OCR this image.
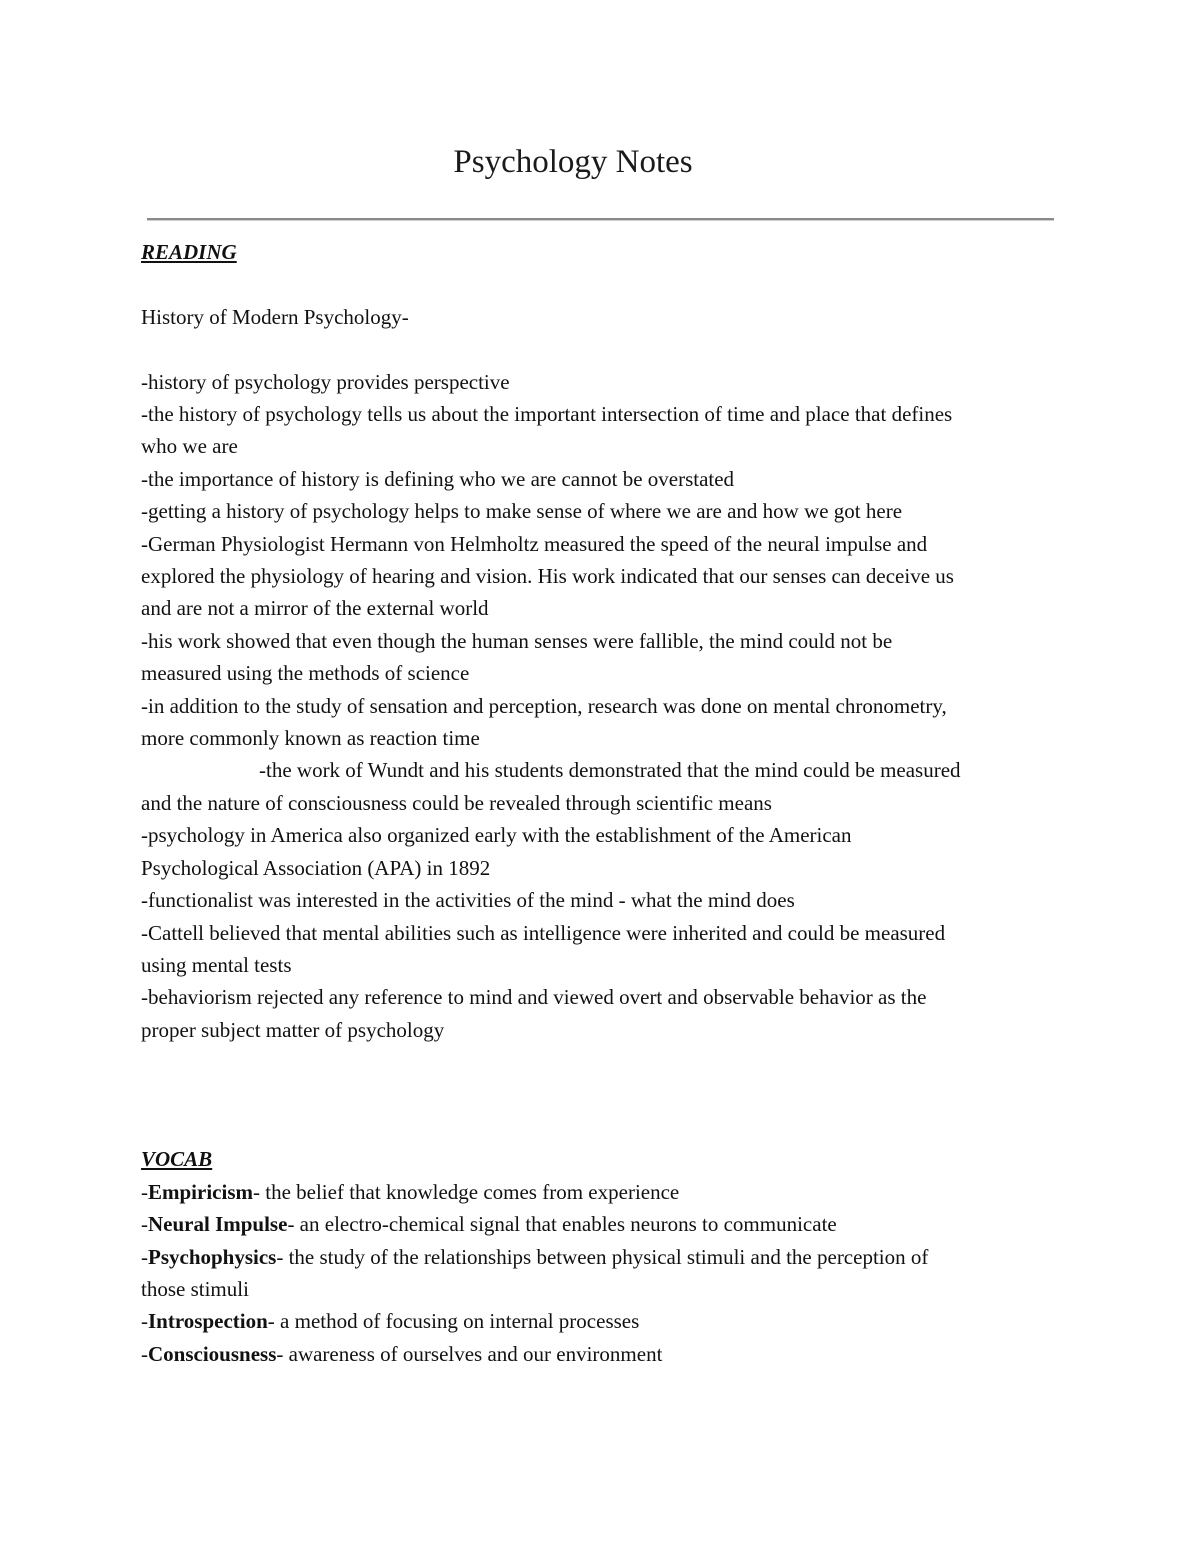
Psychology Notes
READING
History of Modern Psychology-
-history of psychology provides perspective
-the history of psychology tells us about the important intersection of time and place that defines
who we are
-the importance of history is defining who we are cannot be overstated
-getting a history of psychology helps to make sense of where we are and how we got here
-German Physiologist Hermann von Helmholtz measured the speed of the neural impulse and
explored the physiology of hearing and vision. His work indicated that our senses can deceive us
and are not a mirror of the external world
-his work showed that even though the human senses were fallible, the mind could not be
measured using the methods of science
-in addition to the study of sensation and perception, research was done on mental chronometry,
more commonly known as reaction time
-the work of Wundt and his students demonstrated that the mind could be measured
and the nature of consciousness could be revealed through scientific means
-psychology in America also organized early with the establishment of the American
Psychological Association (APA) in 1892
-functionalist was interested in the activities of the mind - what the mind does
-Cattell believed that mental abilities such as intelligence were inherited and could be measured
using mental tests
-behaviorism rejected any reference to mind and viewed overt and observable behavior as the
proper subject matter of psychology
VOCAB
-Empiricism- the belief that knowledge comes from experience
-Neural Impulse- an electro-chemical signal that enables neurons to communicate
-Psychophysics- the study of the relationships between physical stimuli and the perception of
those stimuli
-Introspection- a method of focusing on internal processes
-Consciousness- awareness of ourselves and our environment
